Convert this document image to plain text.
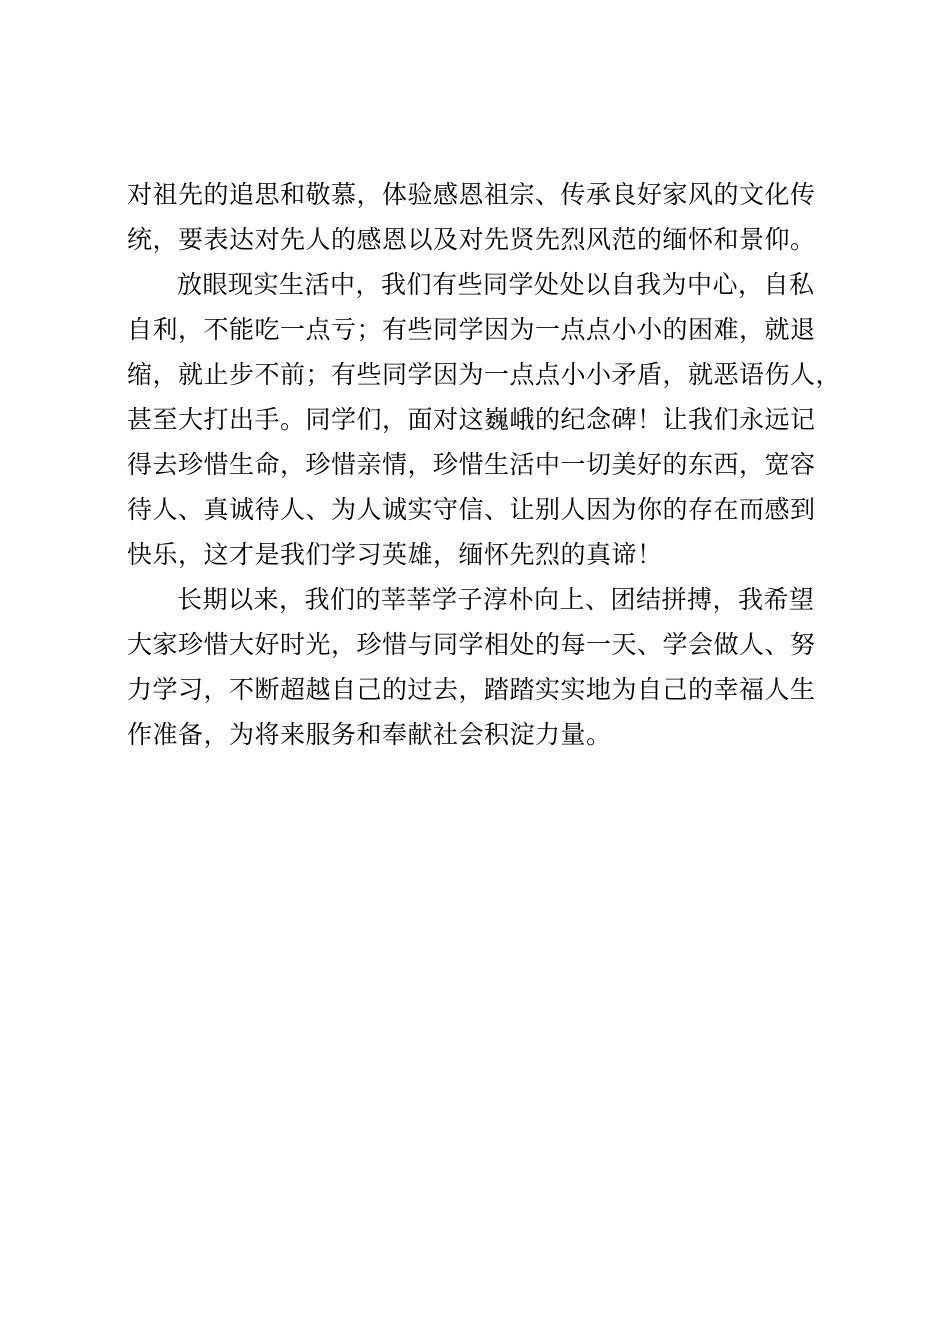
对祖先的追思和敬慕，体验感恩祖宗、传承良好家风的文化传
统，要表达对先人的感恩以及对先贤先烈风范的缅怀和景仰。
放眼现实生活中，我们有些同学处处以自我为中心，自私
自利，不能吃一点亏；有些同学因为一点点小小的困难，就退
缩，就止步不前；有些同学因为一点点小小矛盾，就恶语伤人，
甚至大打出手。同学们，面对这巍峨的纪念碑！让我们永远记
得去珍惜生命，珍惜亲情，珍惜生活中一切美好的东西，宽容
待人、真诚待人、为人诚实守信、让别人因为你的存在而感到
快乐，这才是我们学习英雄，缅怀先烈的真谛！
长期以来，我们的莘莘学子淳朴向上、团结拼搏，我希望
大家珍惜大好时光，珍惜与同学相处的每一天、学会做人、努
力学习，不断超越自己的过去，踏踏实实地为自己的幸福人生
作准备，为将来服务和奉献社会积淀力量。
